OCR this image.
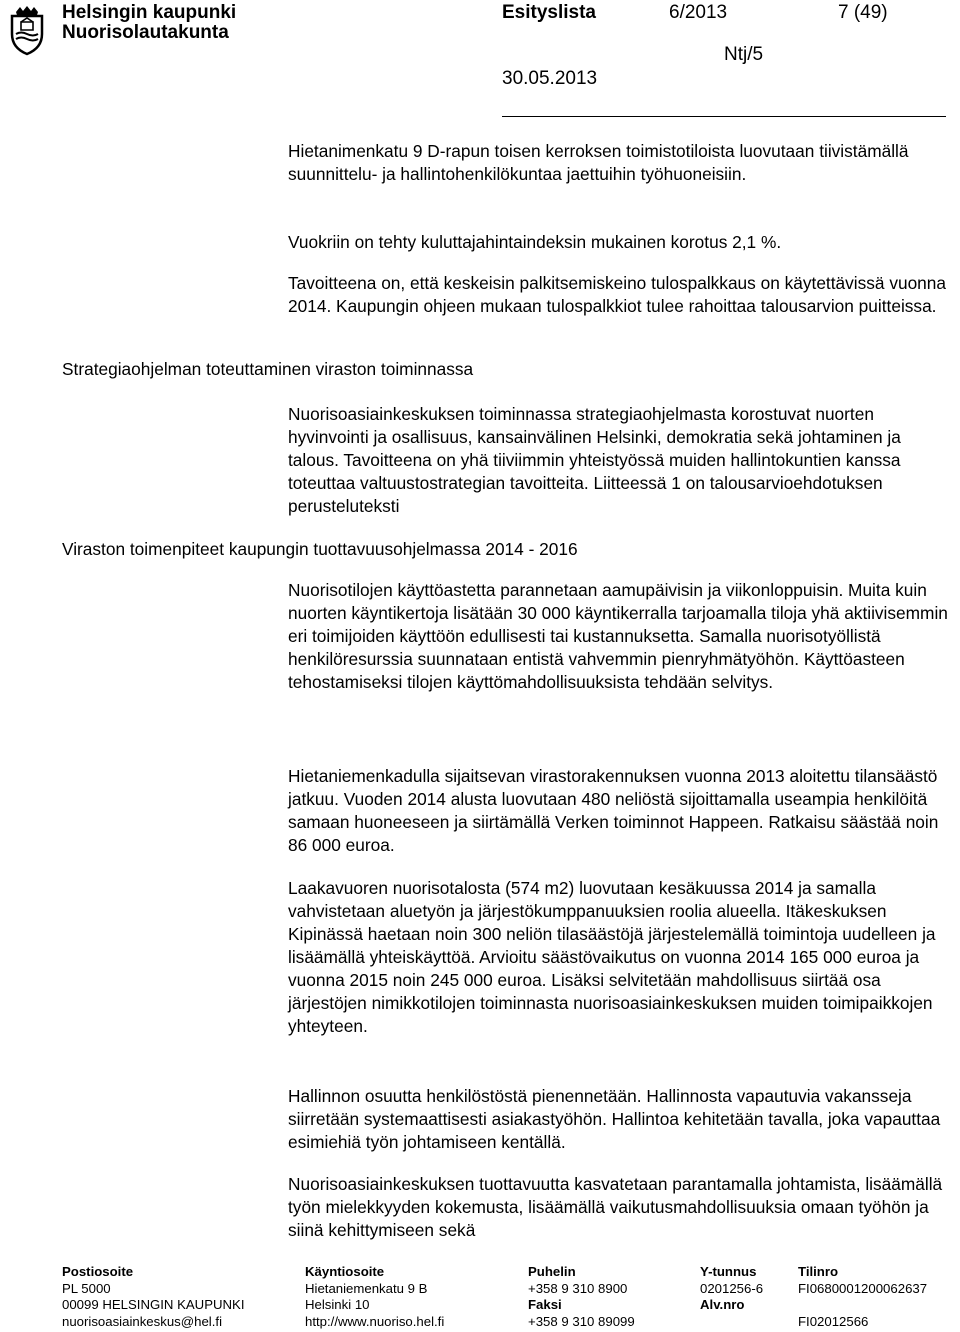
Helsingin kaupunki
Nuorisolautakunta
Esityslista	6/2013	7 (49)
Ntj/5
30.05.2013

Hietanimenkatu 9 D-rapun toisen kerroksen toimistotiloista luovutaan tiivistämällä suunnittelu- ja hallintohenkilökuntaa jaettuihin työhuoneisiin.

Vuokriin on tehty kuluttajahintaindeksin mukainen korotus 2,1 %.

Tavoitteena on, että keskeisin palkitsemiskeino tulospalkkaus on käytettävissä vuonna 2014. Kaupungin ohjeen mukaan tulospalkkiot tulee rahoittaa talousarvion puitteissa.

Strategiaohjelman toteuttaminen viraston toiminnassa

Nuorisoasiainkeskuksen toiminnassa strategiaohjelmasta korostuvat nuorten hyvinvointi ja osallisuus, kansainvälinen Helsinki, demokratia sekä johtaminen ja talous. Tavoitteena on yhä tiiviimmin yhteistyössä muiden hallintokuntien kanssa toteuttaa valtuustostrategian tavoitteita. Liitteessä 1 on talousarvioehdotuksen perusteluteksti

Viraston toimenpiteet kaupungin tuottavuusohjelmassa 2014 - 2016

Nuorisotilojen käyttöastetta parannetaan aamupäivisin ja viikonloppuisin. Muita kuin nuorten käyntikertoja lisätään 30 000 käyntikerralla tarjoamalla tiloja yhä aktiivisemmin eri toimijoiden käyttöön edullisesti tai kustannuksetta. Samalla nuorisotyöllistä henkilöresurssia suunnataan entistä vahvemmin pienryhmätyöhön. Käyttöasteen tehostamiseksi tilojen käyttömahdollisuuksista tehdään selvitys.

Hietaniemenkadulla sijaitsevan virastorakennuksen vuonna 2013 aloitettu tilansäästö jatkuu. Vuoden 2014 alusta luovutaan 480 neliöstä sijoittamalla useampia henkilöitä samaan huoneeseen ja siirtämällä Verken toiminnot Happeen. Ratkaisu säästää noin 86 000 euroa.

Laakavuoren nuorisotalosta (574 m2) luovutaan kesäkuussa 2014 ja samalla vahvistetaan aluetyön ja järjestökumppanuuksien roolia alueella. Itäkeskuksen Kipinässä haetaan noin 300 neliön tilasäästöjä järjestelemällä toimintoja uudelleen ja lisäämällä yhteiskäyttöä. Arvioitu säästövaikutus on vuonna 2014 165 000 euroa ja vuonna 2015 noin 245 000 euroa. Lisäksi selvitetään mahdollisuus siirtää osa järjestöjen nimikkotilojen toiminnasta nuorisoasiainkeskuksen muiden toimipaikkojen yhteyteen.

Hallinnon osuutta henkilöstöstä pienennetään. Hallinnosta vapautuvia vakansseja siirretään systemaattisesti asiakastyöhön. Hallintoa kehitetään tavalla, joka vapauttaa esimiehiä työn johtamiseen kentällä.

Nuorisoasiainkeskuksen tuottavuutta kasvatetaan parantamalla johtamista, lisäämällä työn mielekkyyden kokemusta, lisäämällä vaikutusmahdollisuuksia omaan työhön ja siinä kehittymiseen sekä

Postiosoite
PL 5000
00099 HELSINGIN KAUPUNKI
nuorisoasiainkeskus@hel.fi
Käyntiosoite
Hietaniemenkatu 9 B
Helsinki 10
http://www.nuoriso.hel.fi
Puhelin
+358 9 310 8900
Faksi
+358 9 310 89099
Y-tunnus
0201256-6
Alv.nro
Tilinro
FI0680001200062637
FI02012566
